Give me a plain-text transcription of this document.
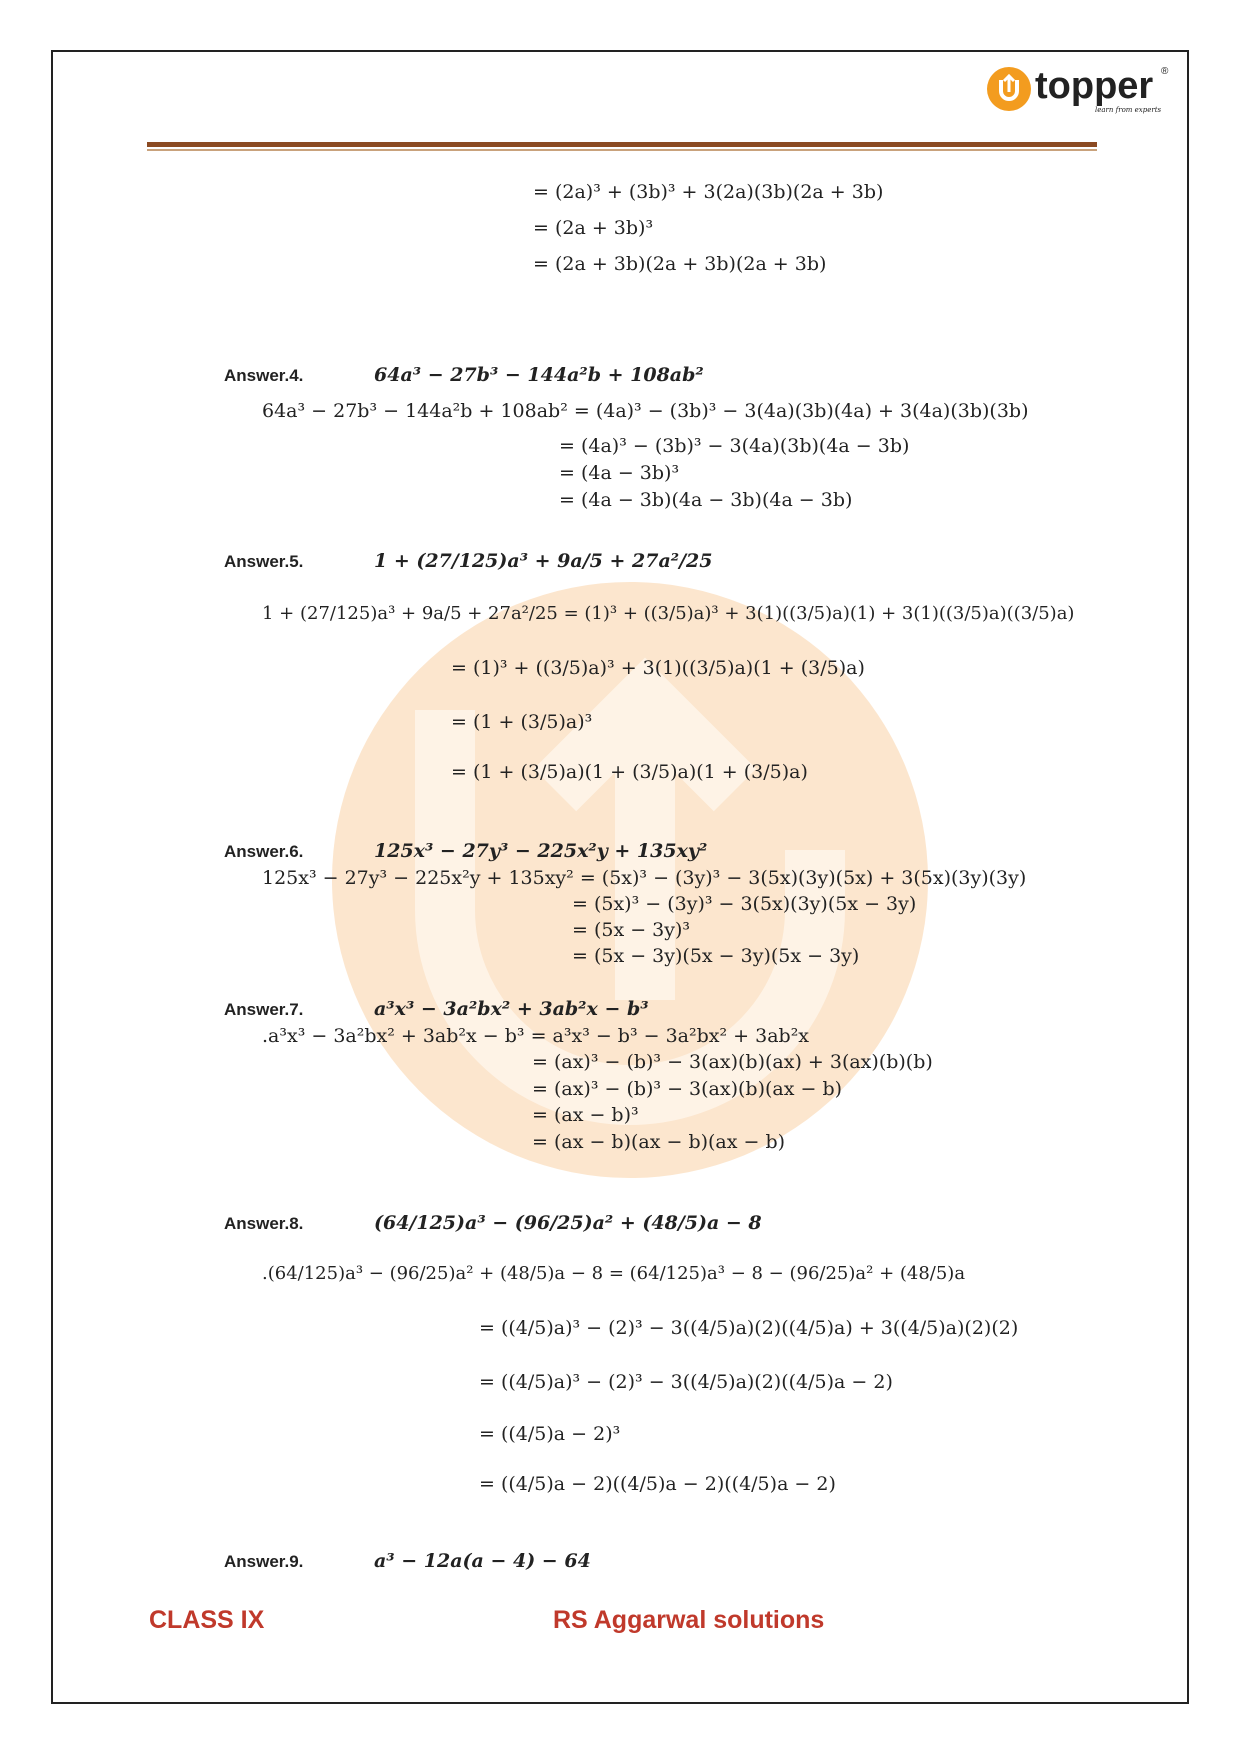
topper ®
learn from experts
= (2a)³ + (3b)³ + 3(2a)(3b)(2a + 3b)
= (2a + 3b)³
= (2a + 3b)(2a + 3b)(2a + 3b)
Answer.4.	64a³ − 27b³ − 144a²b + 108ab²
64a³ − 27b³ − 144a²b + 108ab² = (4a)³ − (3b)³ − 3(4a)(3b)(4a) + 3(4a)(3b)(3b)
= (4a)³ − (3b)³ − 3(4a)(3b)(4a − 3b)
= (4a − 3b)³
= (4a − 3b)(4a − 3b)(4a − 3b)
Answer.5.	1 + (27/125)a³ + 9a/5 + 27a²/25
1 + (27/125)a³ + 9a/5 + 27a²/25 = (1)³ + ((3/5)a)³ + 3(1)((3/5)a)(1) + 3(1)((3/5)a)((3/5)a)
= (1)³ + ((3/5)a)³ + 3(1)((3/5)a)(1 + (3/5)a)
= (1 + (3/5)a)³
= (1 + (3/5)a)(1 + (3/5)a)(1 + (3/5)a)
Answer.6.	125x³ − 27y³ − 225x²y + 135xy²
125x³ − 27y³ − 225x²y + 135xy² = (5x)³ − (3y)³ − 3(5x)(3y)(5x) + 3(5x)(3y)(3y)
= (5x)³ − (3y)³ − 3(5x)(3y)(5x − 3y)
= (5x − 3y)³
= (5x − 3y)(5x − 3y)(5x − 3y)
Answer.7.	a³x³ − 3a²bx² + 3ab²x − b³
.a³x³ − 3a²bx² + 3ab²x − b³ = a³x³ − b³ − 3a²bx² + 3ab²x
= (ax)³ − (b)³ − 3(ax)(b)(ax) + 3(ax)(b)(b)
= (ax)³ − (b)³ − 3(ax)(b)(ax − b)
= (ax − b)³
= (ax − b)(ax − b)(ax − b)
Answer.8.	(64/125)a³ − (96/25)a² + (48/5)a − 8
.(64/125)a³ − (96/25)a² + (48/5)a − 8 = (64/125)a³ − 8 − (96/25)a² + (48/5)a
= ((4/5)a)³ − (2)³ − 3((4/5)a)(2)((4/5)a) + 3((4/5)a)(2)(2)
= ((4/5)a)³ − (2)³ − 3((4/5)a)(2)((4/5)a − 2)
= ((4/5)a − 2)³
= ((4/5)a − 2)((4/5)a − 2)((4/5)a − 2)
Answer.9.	a³ − 12a(a − 4) − 64
CLASS IX	RS Aggarwal solutions
